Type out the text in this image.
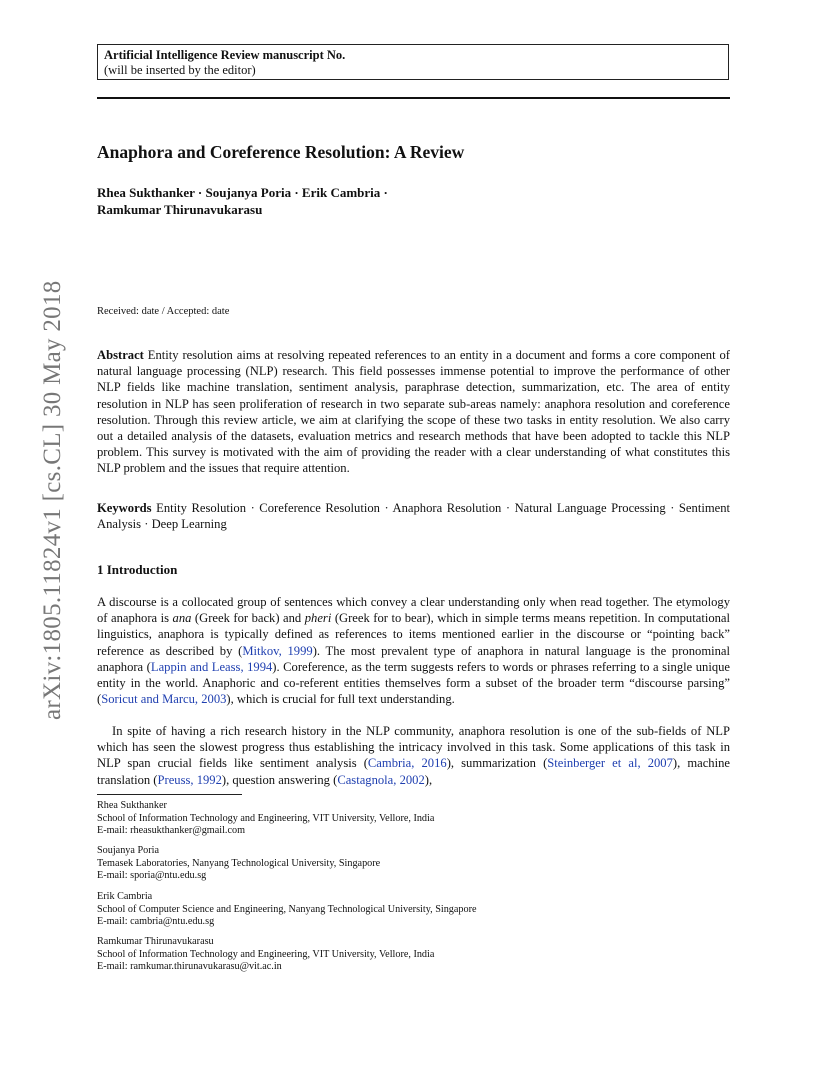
arXiv:1805.11824v1 [cs.CL] 30 May 2018
Artificial Intelligence Review manuscript No.
(will be inserted by the editor)
Anaphora and Coreference Resolution: A Review
Rhea Sukthanker · Soujanya Poria · Erik Cambria ·
Ramkumar Thirunavukarasu
Received: date / Accepted: date
Abstract Entity resolution aims at resolving repeated references to an entity in a document and forms a core component of natural language processing (NLP) research. This field possesses immense potential to improve the performance of other NLP fields like machine translation, sentiment analysis, paraphrase detection, summarization, etc. The area of entity resolution in NLP has seen proliferation of research in two separate sub-areas namely: anaphora resolution and coreference resolution. Through this review article, we aim at clarifying the scope of these two tasks in entity resolution. We also carry out a detailed analysis of the datasets, evaluation metrics and research methods that have been adopted to tackle this NLP problem. This survey is motivated with the aim of providing the reader with a clear understanding of what constitutes this NLP problem and the issues that require attention.
Keywords Entity Resolution · Coreference Resolution · Anaphora Resolution · Natural Language Processing · Sentiment Analysis · Deep Learning
1 Introduction
A discourse is a collocated group of sentences which convey a clear understanding only when read together. The etymology of anaphora is ana (Greek for back) and pheri (Greek for to bear), which in simple terms means repetition. In computational linguistics, anaphora is typically defined as references to items mentioned earlier in the discourse or “pointing back” reference as described by (Mitkov, 1999). The most prevalent type of anaphora in natural language is the pronominal anaphora (Lappin and Leass, 1994). Coreference, as the term suggests refers to words or phrases referring to a single unique entity in the world. Anaphoric and co-referent entities themselves form a subset of the broader term “discourse parsing” (Soricut and Marcu, 2003), which is crucial for full text understanding.
In spite of having a rich research history in the NLP community, anaphora resolution is one of the sub-fields of NLP which has seen the slowest progress thus establishing the intricacy involved in this task. Some applications of this task in NLP span crucial fields like sentiment analysis (Cambria, 2016), summarization (Steinberger et al, 2007), machine translation (Preuss, 1992), question answering (Castagnola, 2002),
Rhea Sukthanker
School of Information Technology and Engineering, VIT University, Vellore, India
E-mail: rheasukthanker@gmail.com
Soujanya Poria
Temasek Laboratories, Nanyang Technological University, Singapore
E-mail: sporia@ntu.edu.sg
Erik Cambria
School of Computer Science and Engineering, Nanyang Technological University, Singapore
E-mail: cambria@ntu.edu.sg
Ramkumar Thirunavukarasu
School of Information Technology and Engineering, VIT University, Vellore, India
E-mail: ramkumar.thirunavukarasu@vit.ac.in
